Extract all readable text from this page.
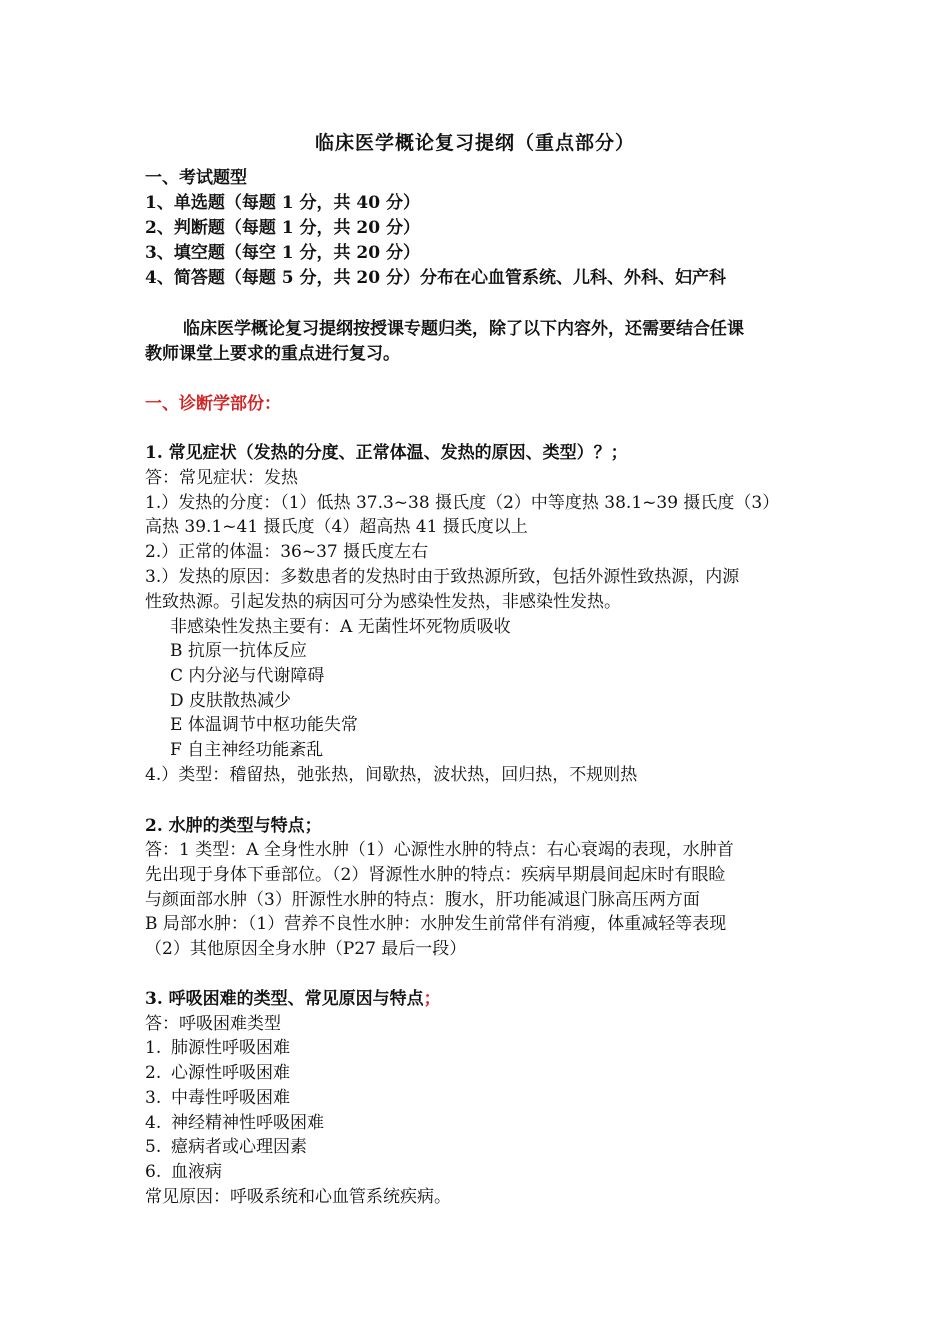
临床医学概论复习提纲（重点部分）
一、考试题型
1、单选题（每题 1 分，共 40 分）
2、判断题（每题 1 分，共 20 分）
3、填空题（每空 1 分，共 20 分）
4、简答题（每题 5 分，共 20 分）分布在心血管系统、儿科、外科、妇产科
临床医学概论复习提纲按授课专题归类，除了以下内容外，还需要结合任课
教师课堂上要求的重点进行复习。
一、诊断学部份：
1. 常见症状（发热的分度、正常体温、发热的原因、类型）？；
答：常见症状：发热
1.）发热的分度：（1）低热 37.3~38 摄氏度（2）中等度热 38.1~39 摄氏度（3）
高热 39.1~41 摄氏度（4）超高热 41 摄氏度以上
2.）正常的体温：36~37 摄氏度左右
3.）发热的原因：多数患者的发热时由于致热源所致，包括外源性致热源，内源
性致热源。引起发热的病因可分为感染性发热，非感染性发热。
非感染性发热主要有：A 无菌性坏死物质吸收
B 抗原一抗体反应
C 内分泌与代谢障碍
D 皮肤散热减少
E 体温调节中枢功能失常
F 自主神经功能紊乱
4.）类型：稽留热，弛张热，间歇热，波状热，回归热，不规则热
2. 水肿的类型与特点；
答：1 类型：A 全身性水肿（1）心源性水肿的特点：右心衰竭的表现，水肿首
先出现于身体下垂部位。（2）肾源性水肿的特点：疾病早期晨间起床时有眼睑
与颜面部水肿（3）肝源性水肿的特点：腹水，肝功能减退门脉高压两方面
B 局部水肿：（1）营养不良性水肿：水肿发生前常伴有消瘦，体重减轻等表现
（2）其他原因全身水肿（P27 最后一段）
3. 呼吸困难的类型、常见原因与特点；
答：呼吸困难类型
1. 肺源性呼吸困难
2. 心源性呼吸困难
3. 中毒性呼吸困难
4. 神经精神性呼吸困难
5. 癔病者或心理因素
6. 血液病
常见原因：呼吸系统和心血管系统疾病。
